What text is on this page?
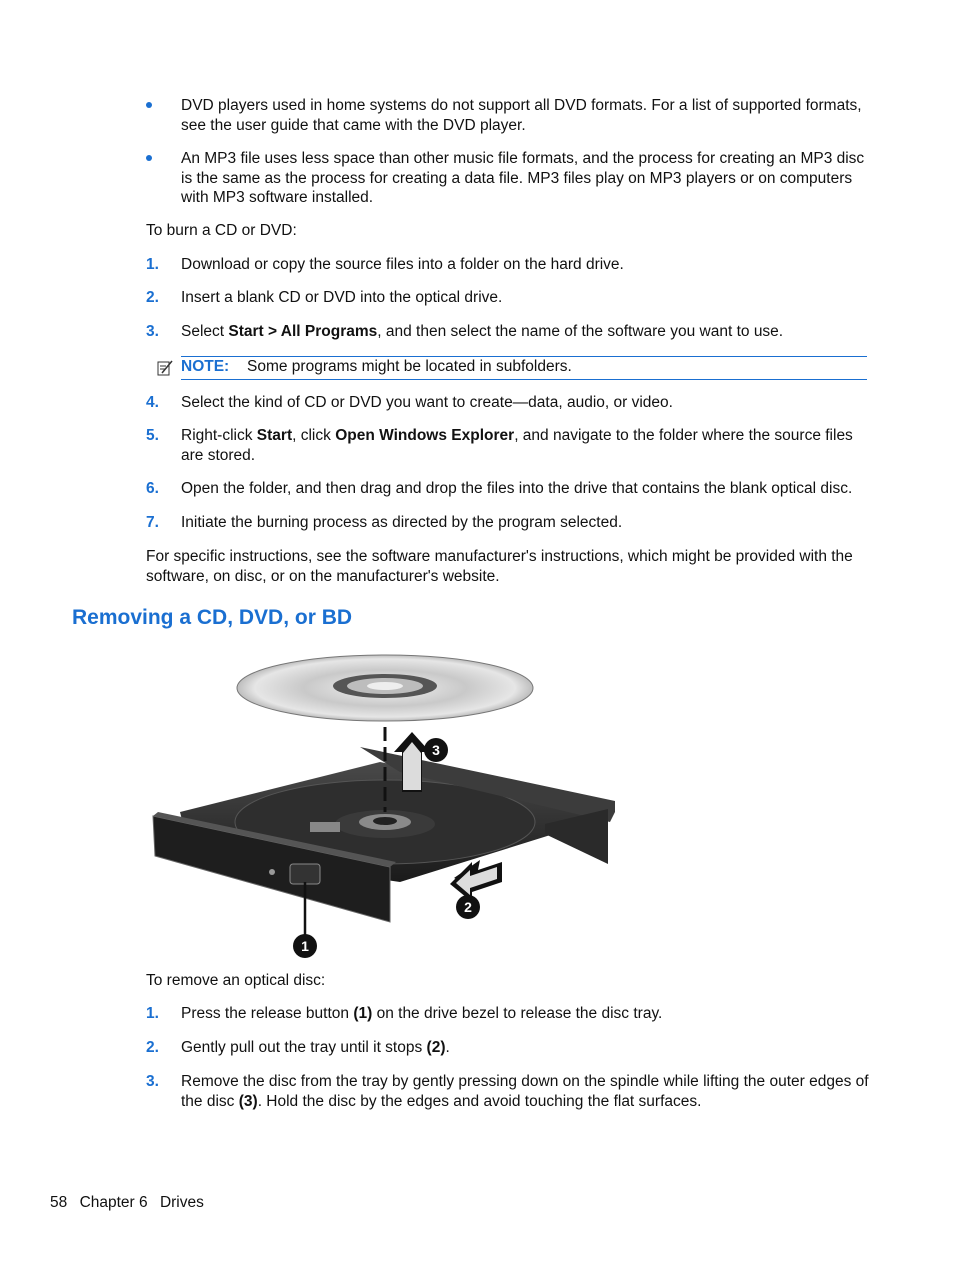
DVD players used in home systems do not support all DVD formats. For a list of supported formats, see the user guide that came with the DVD player.
An MP3 file uses less space than other music file formats, and the process for creating an MP3 disc is the same as the process for creating a data file. MP3 files play on MP3 players or on computers with MP3 software installed.
To burn a CD or DVD:
1. Download or copy the source files into a folder on the hard drive.
2. Insert a blank CD or DVD into the optical drive.
3. Select Start > All Programs, and then select the name of the software you want to use.
NOTE: Some programs might be located in subfolders.
4. Select the kind of CD or DVD you want to create—data, audio, or video.
5. Right-click Start, click Open Windows Explorer, and navigate to the folder where the source files are stored.
6. Open the folder, and then drag and drop the files into the drive that contains the blank optical disc.
7. Initiate the burning process as directed by the program selected.
For specific instructions, see the software manufacturer's instructions, which might be provided with the software, on disc, or on the manufacturer's website.
Removing a CD, DVD, or BD
1
2
3
To remove an optical disc:
1. Press the release button (1) on the drive bezel to release the disc tray.
2. Gently pull out the tray until it stops (2).
3. Remove the disc from the tray by gently pressing down on the spindle while lifting the outer edges of the disc (3). Hold the disc by the edges and avoid touching the flat surfaces.
58 Chapter 6 Drives
